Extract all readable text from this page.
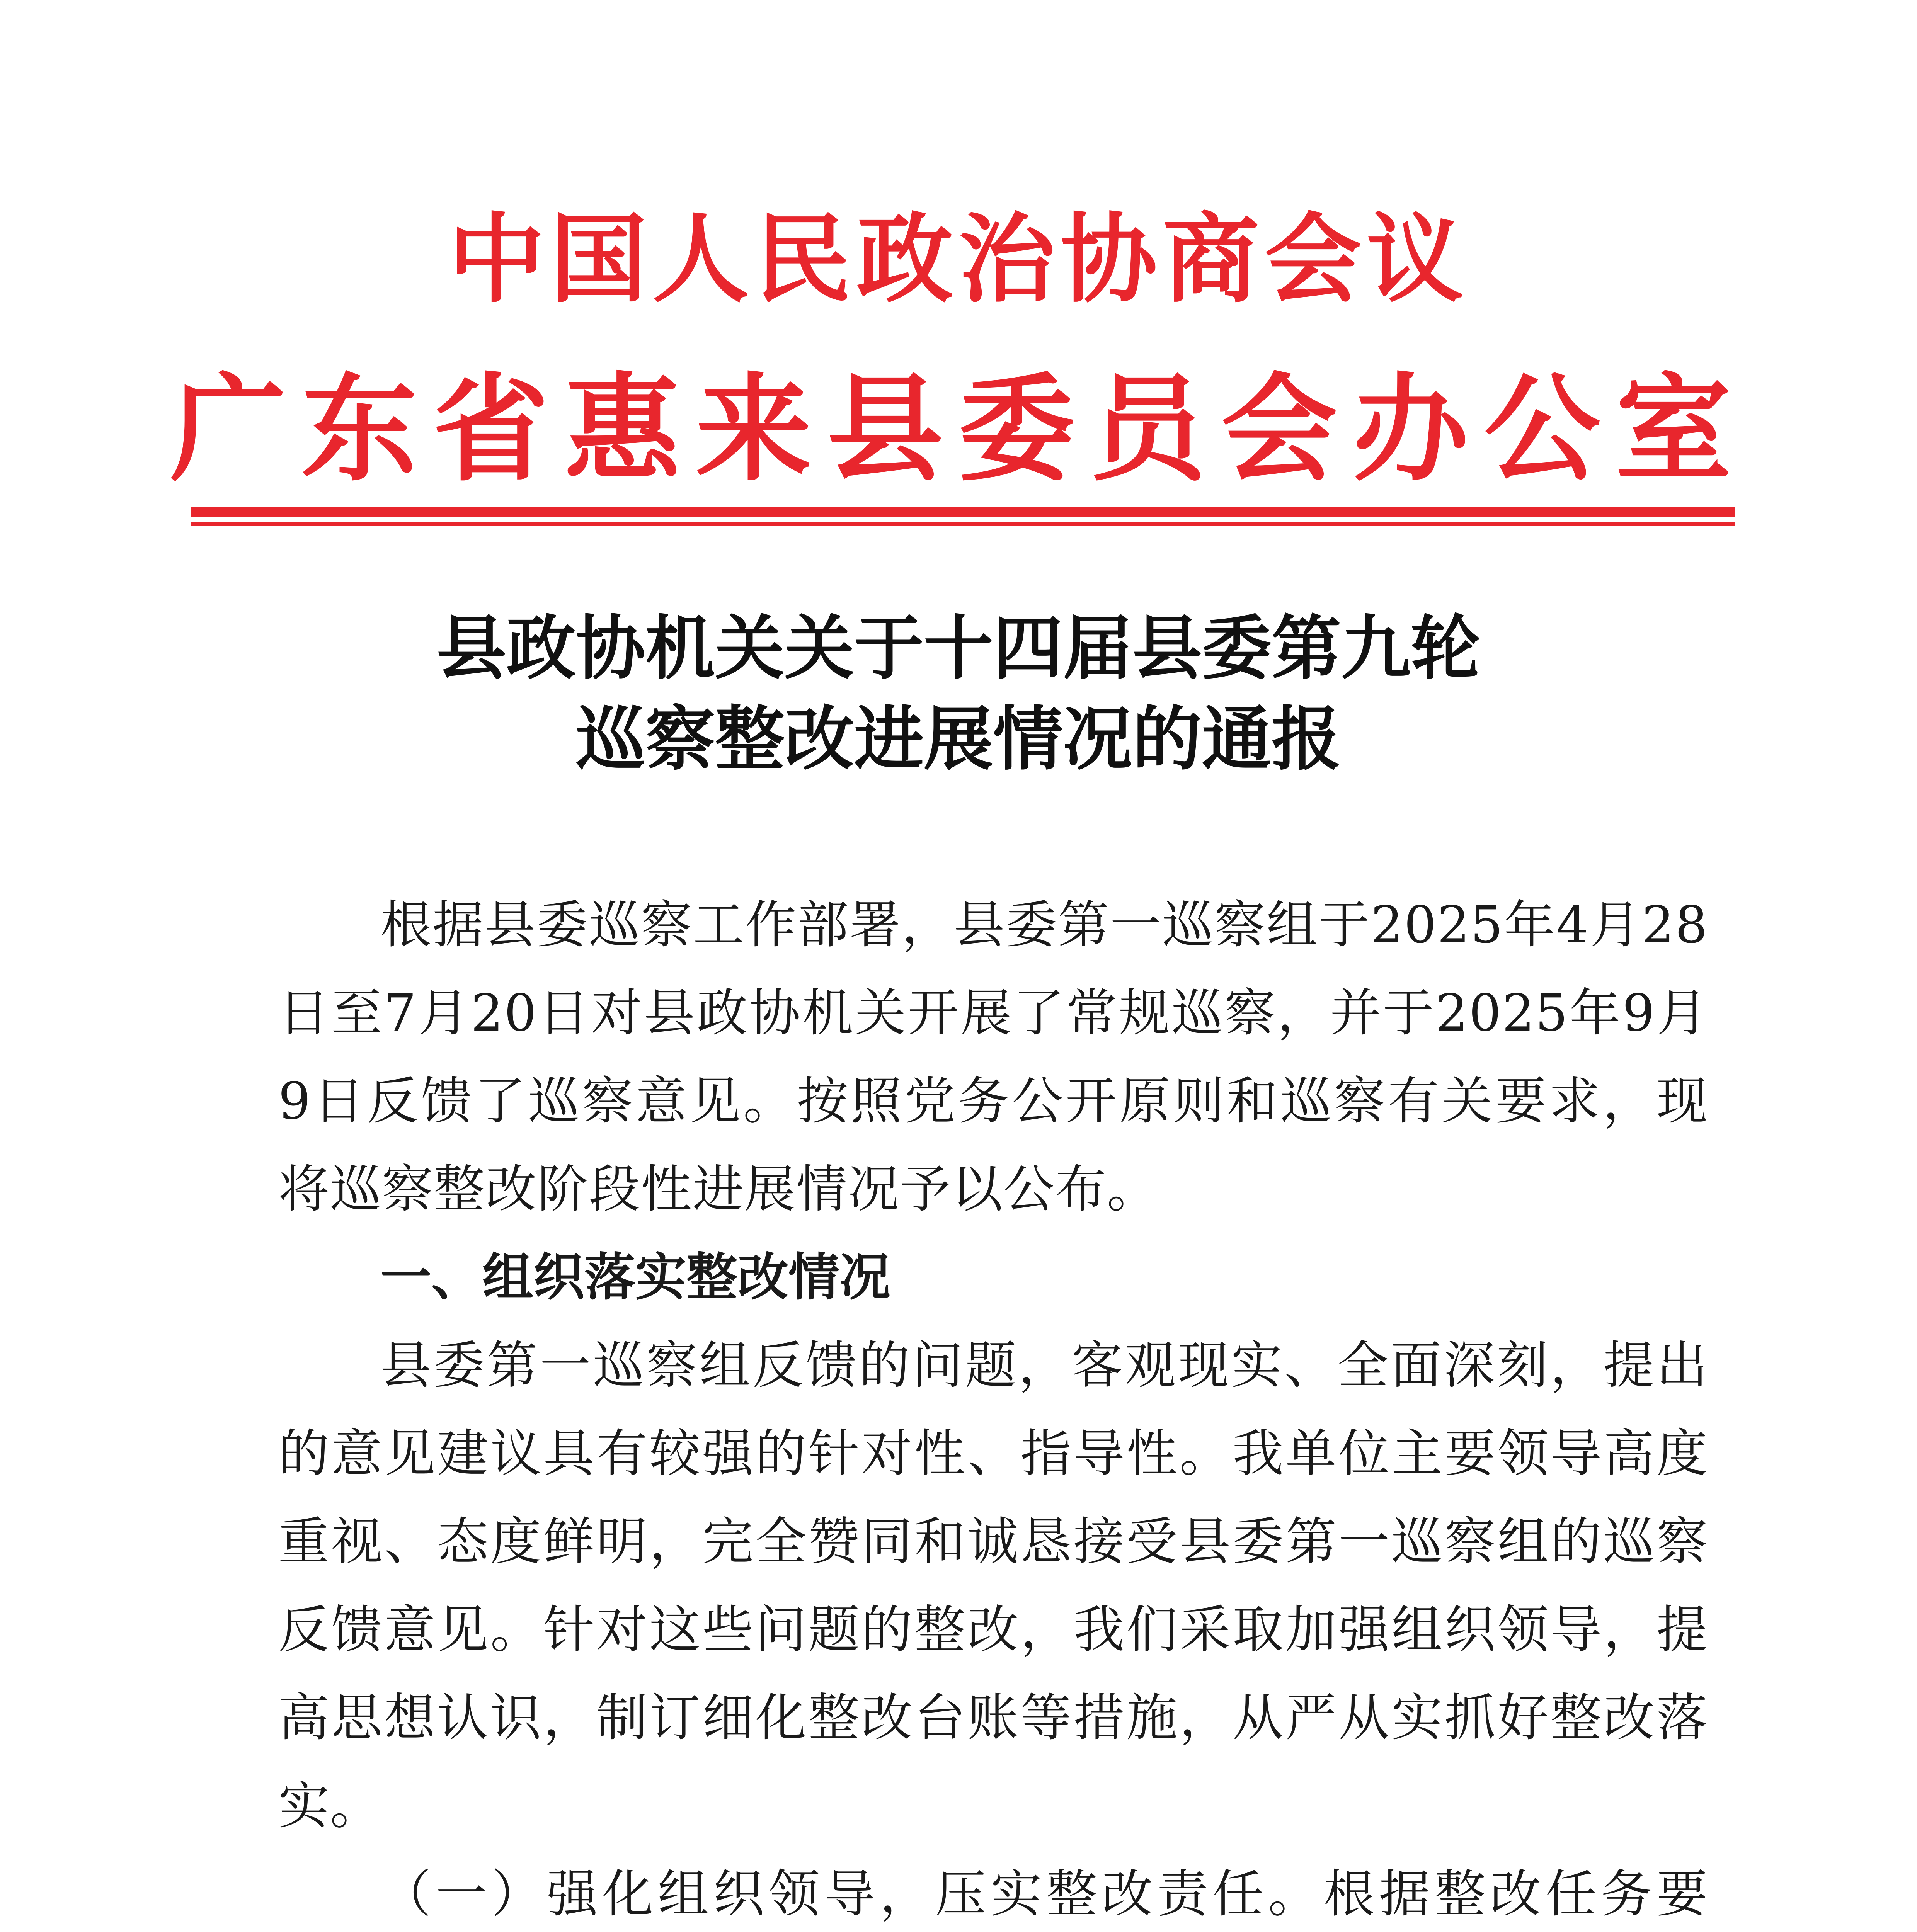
中国人民政治协商会议
广东省惠来县委员会办公室
县政协机关关于十四届县委第九轮
巡察整改进展情况的通报

根据县委巡察工作部署，县委第一巡察组于2025年4月28日至7月20日对县政协机关开展了常规巡察，并于2025年9月9日反馈了巡察意见。按照党务公开原则和巡察有关要求，现将巡察整改阶段性进展情况予以公布。

一、组织落实整改情况

县委第一巡察组反馈的问题，客观现实、全面深刻，提出的意见建议具有较强的针对性、指导性。我单位主要领导高度重视、态度鲜明，完全赞同和诚恳接受县委第一巡察组的巡察反馈意见。针对这些问题的整改，我们采取加强组织领导，提高思想认识，制订细化整改台账等措施，从严从实抓好整改落实。

（一）强化组织领导，压实整改责任。根据整改任务要
